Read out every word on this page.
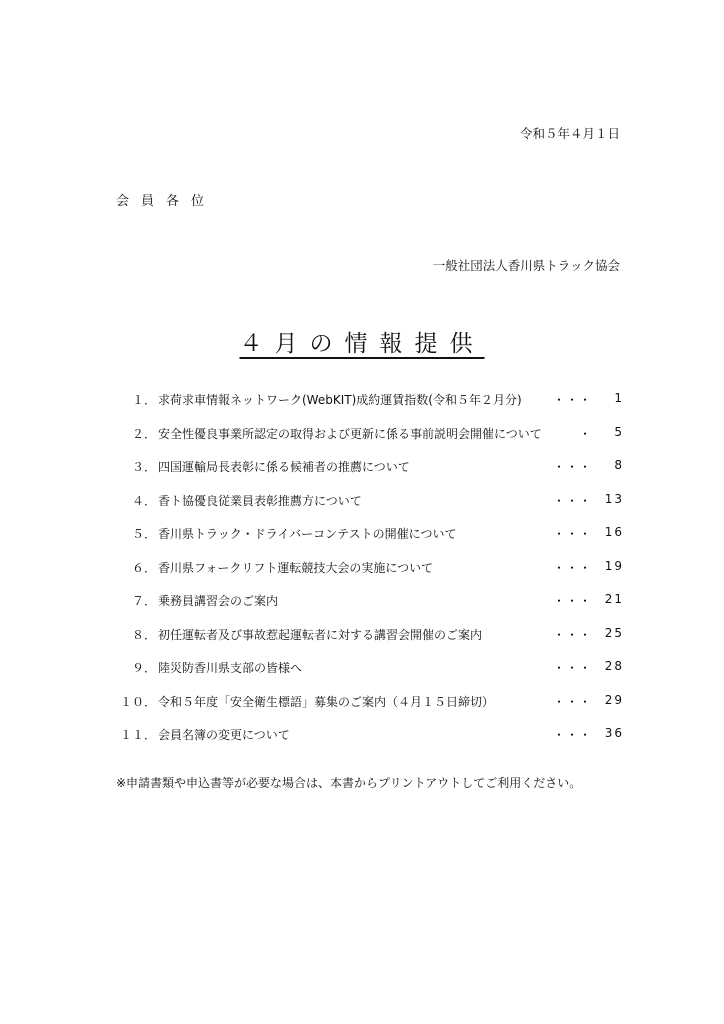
令和５年４月１日
会員各位
一般社団法人香川県トラック協会
４月の情報提供
１． 求荷求車情報ネットワーク(WebKIT)成約運賃指数(令和５年２月分)	・・・	1
２． 安全性優良事業所認定の取得および更新に係る事前説明会開催について	・	5
３． 四国運輸局長表彰に係る候補者の推薦について	・・・	8
４． 香ト協優良従業員表彰推薦方について	・・・	13
５． 香川県トラック・ドライバーコンテストの開催について	・・・	16
６． 香川県フォークリフト運転競技大会の実施について	・・・	19
７． 乗務員講習会のご案内	・・・	21
８． 初任運転者及び事故惹起運転者に対する講習会開催のご案内	・・・	25
９． 陸災防香川県支部の皆様へ	・・・	28
１０． 令和５年度「安全衛生標語」募集のご案内（４月１５日締切）	・・・	29
１１． 会員名簿の変更について	・・・	36
※申請書類や申込書等が必要な場合は、本書からプリントアウトしてご利用ください。
